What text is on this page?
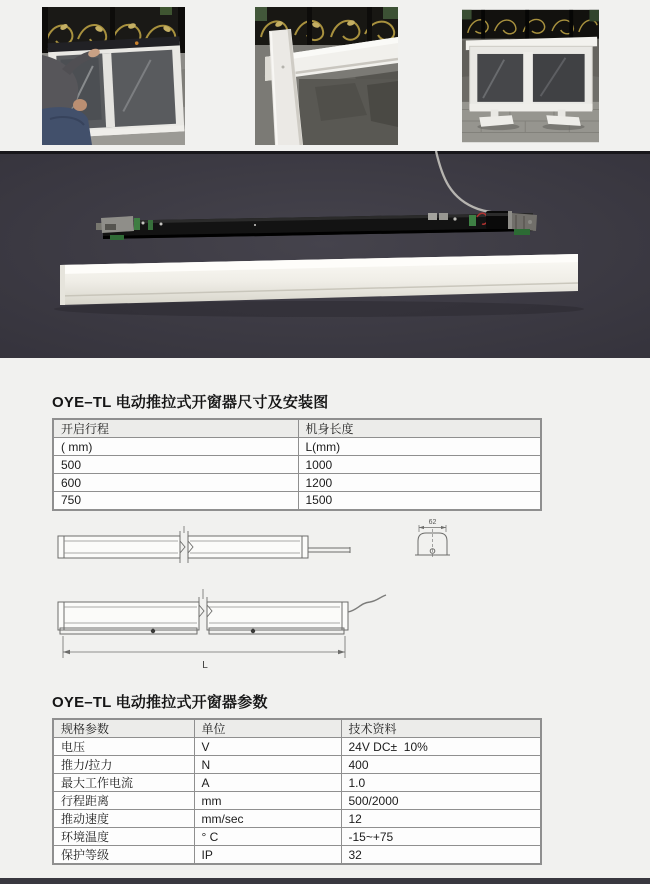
OYE–TL 电动推拉式开窗器尺寸及安装图
开启行程	机身长度
( mm)	L(mm)
500	1000
600	1200
750	1500
62
L
OYE–TL 电动推拉式开窗器参数
规格参数	单位	技术资料
电压	V	24V DC±  10%
推力/拉力	N	400
最大工作电流	A	1.0
行程距离	mm	500/2000
推动速度	mm/sec	12
环境温度	° C	-15~+75
保护等级	IP	32
